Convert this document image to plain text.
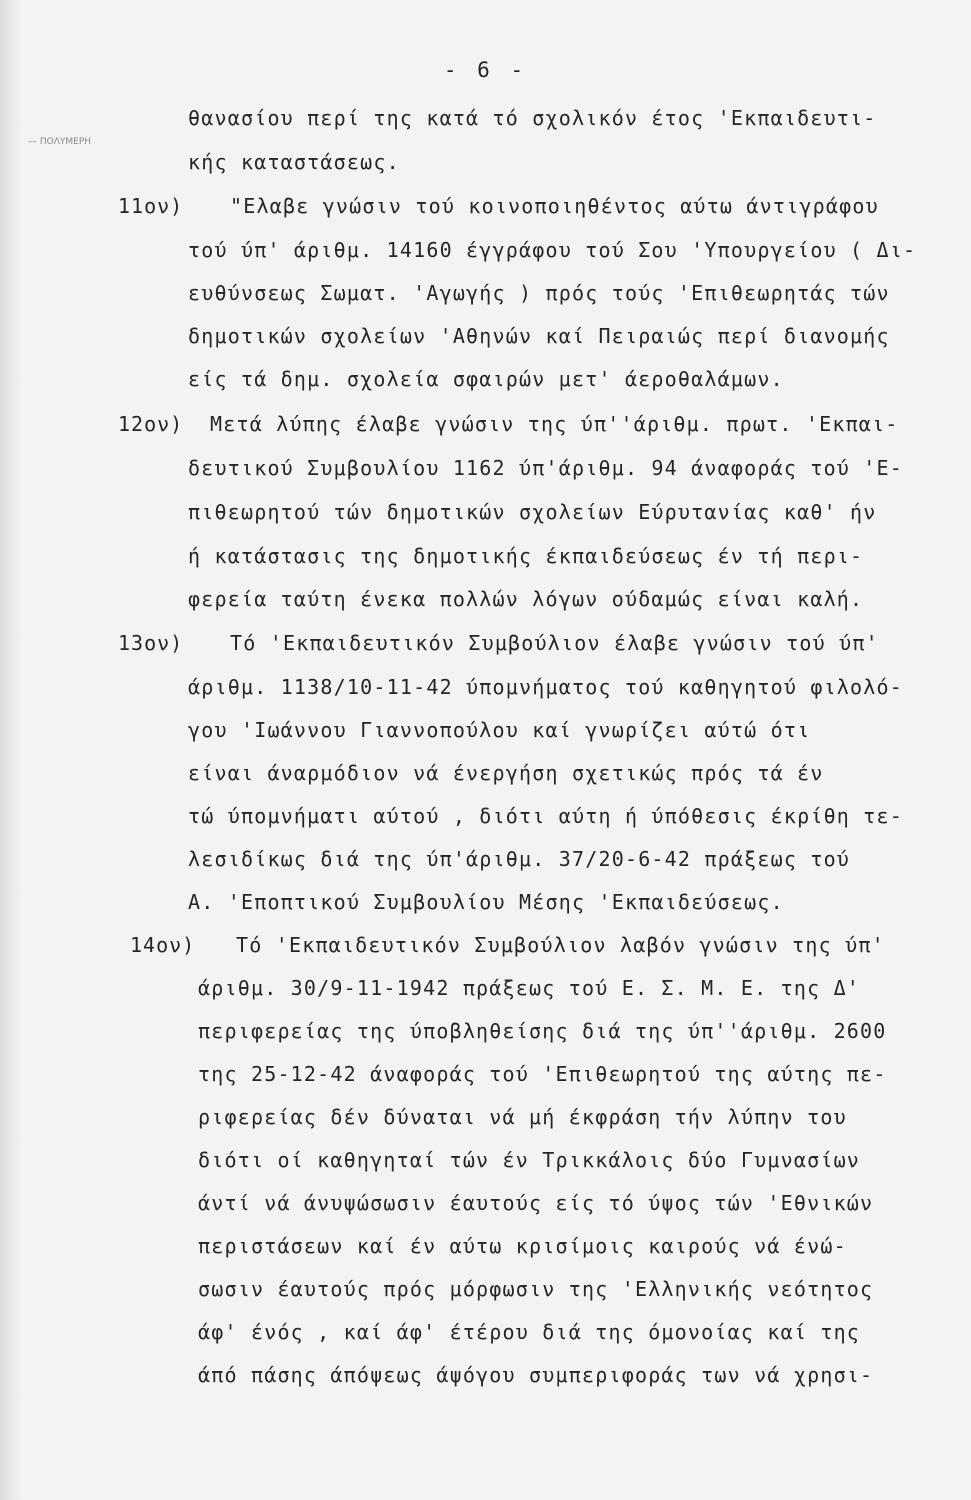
— ΠΟΛΥΜΕΡΗ
- 6 -
11ον)
12ον)
13ον)
14ον)
θανασίου περί της κατά τό σχολικόν έτος 'Εκπαιδευτι-
κής καταστάσεως.
"Ελαβε γνώσιν τού κοινοποιηθέντος αύτω άντιγράφου
τού ύπ' άριθμ. 14160 έγγράφου τού Σου 'Υπουργείου ( Δι-
ευθύνσεως Σωματ. 'Αγωγής ) πρός τούς 'Επιθεωρητάς τών
δημοτικών σχολείων 'Αθηνών καί Πειραιώς περί διανομής
είς τά δημ. σχολεία σφαιρών μετ' άεροθαλάμων.
Μετά λύπης έλαβε γνώσιν της ύπ''άριθμ. πρωτ. 'Εκπαι-
δευτικού Συμβουλίου 1162 ύπ'άριθμ. 94 άναφοράς τού 'Ε-
πιθεωρητού τών δημοτικών σχολείων Εύρυτανίας καθ' ήν
ή κατάστασις της δημοτικής έκπαιδεύσεως έν τή περι-
φερεία ταύτη ένεκα πολλών λόγων ούδαμώς είναι καλή.
Τό 'Εκπαιδευτικόν Συμβούλιον έλαβε γνώσιν τού ύπ'
άριθμ. 1138/10-11-42 ύπομνήματος τού καθηγητού φιλολό-
γου 'Ιωάννου Γιαννοπούλου καί γνωρίζει αύτώ ότι
είναι άναρμόδιον νά ένεργήση σχετικώς πρός τά έν
τώ ύπομνήματι αύτού , διότι αύτη ή ύπόθεσις έκρίθη τε-
λεσιδίκως διά της ύπ'άριθμ. 37/20-6-42 πράξεως τού
Α. 'Εποπτικού Συμβουλίου Μέσης 'Εκπαιδεύσεως.
Τό 'Εκπαιδευτικόν Συμβούλιον λαβόν γνώσιν της ύπ'
άριθμ. 30/9-11-1942 πράξεως τού Ε. Σ. Μ. Ε. της Δ'
περιφερείας της ύποβληθείσης διά της ύπ''άριθμ. 2600
της 25-12-42 άναφοράς τού 'Επιθεωρητού της αύτης πε-
ριφερείας δέν δύναται νά μή έκφράση τήν λύπην του
διότι οί καθηγηταί τών έν Τρικκάλοις δύο Γυμνασίων
άντί νά άνυψώσωσιν έαυτούς είς τό ύψος τών 'Εθνικών
περιστάσεων καί έν αύτω κρισίμοις καιρούς νά ένώ-
σωσιν έαυτούς πρός μόρφωσιν της 'Ελληνικής νεότητος
άφ' ένός , καί άφ' έτέρου διά της όμονοίας καί της
άπό πάσης άπόψεως άψόγου συμπεριφοράς των νά χρησι-
